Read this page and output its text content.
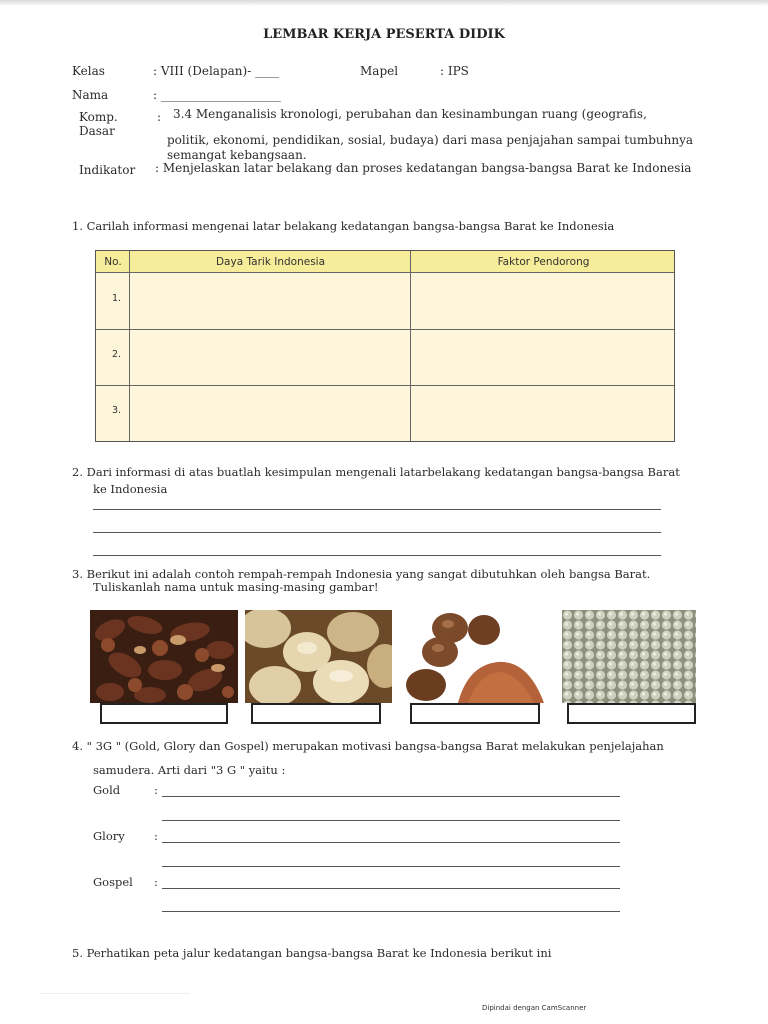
LEMBAR KERJA PESERTA DIDIK
Kelas	: VIII (Delapan)- ____	Mapel	: IPS
Nama	: ____________________
Komp.
Dasar
: 3.4 Menganalisis kronologi, perubahan dan kesinambungan ruang (geografis,
politik, ekonomi, pendidikan, sosial, budaya) dari masa penjajahan sampai tumbuhnya
semangat kebangsaan.
Indikator : Menjelaskan latar belakang dan proses kedatangan bangsa-bangsa Barat ke Indonesia
1. Carilah informasi mengenai latar belakang kedatangan bangsa-bangsa Barat ke Indonesia
No.	Daya Tarik Indonesia	Faktor Pendorong
1.
2.
3.
2. Dari informasi di atas buatlah kesimpulan mengenali latarbelakang kedatangan bangsa-bangsa Barat
ke Indonesia
3. Berikut ini adalah contoh rempah-rempah Indonesia yang sangat dibutuhkan oleh bangsa Barat.
Tuliskanlah nama untuk masing-masing gambar!
4. " 3G " (Gold, Glory dan Gospel) merupakan motivasi bangsa-bangsa Barat melakukan penjelajahan
samudera. Arti dari "3 G " yaitu :
Gold	:
Glory	:
Gospel :
5. Perhatikan peta jalur kedatangan bangsa-bangsa Barat ke Indonesia berikut ini
Dipindai dengan CamScanner
